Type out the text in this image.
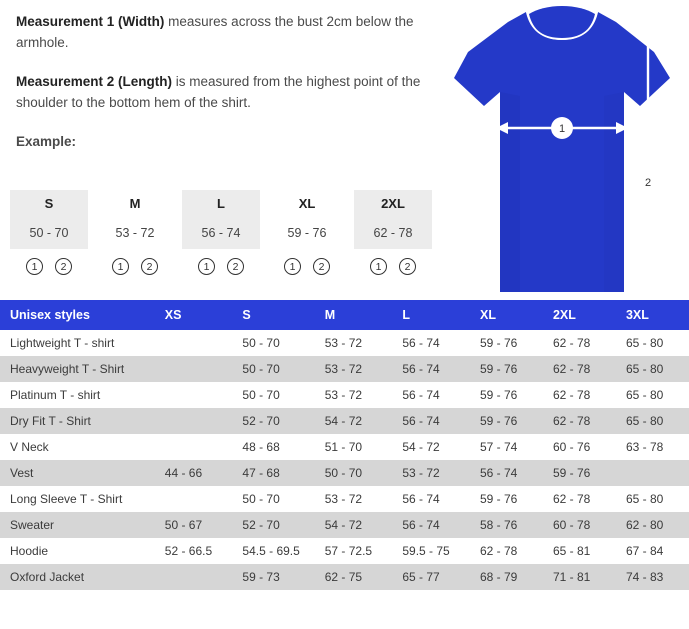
Measurement 1 (Width) measures across the bust 2cm below the armhole.

Measurement 2 (Length) is measured from the highest point of the shoulder to the bottom hem of the shirt.

Example:

S
50 - 70
1	2
M
53 - 72
1	2
L
56 - 74
1	2
XL
59 - 76
1	2
2XL
62 - 78
1	2
1
2
Unisex styles	XS	S	M	L	XL	2XL	3XL
Lightweight T - shirt		50 - 70	53 - 72	56 - 74	59 - 76	62 - 78	65 - 80
Heavyweight T - Shirt		50 - 70	53 - 72	56 - 74	59 - 76	62 - 78	65 - 80
Platinum T - shirt		50 - 70	53 - 72	56 - 74	59 - 76	62 - 78	65 - 80
Dry Fit T - Shirt		52 - 70	54 - 72	56 - 74	59 - 76	62 - 78	65 - 80
V Neck		48 - 68	51 - 70	54 - 72	57 - 74	60 - 76	63 - 78
Vest	44 - 66	47 - 68	50 - 70	53 - 72	56 - 74	59 - 76	
Long Sleeve T - Shirt		50 - 70	53 - 72	56 - 74	59 - 76	62 - 78	65 - 80
Sweater	50 - 67	52 - 70	54 - 72	56 - 74	58 - 76	60 - 78	62 - 80
Hoodie	52 - 66.5	54.5 - 69.5	57 - 72.5	59.5 - 75	62 - 78	65 - 81	67 - 84
Oxford Jacket		59 - 73	62 - 75	65 - 77	68 - 79	71 - 81	74 - 83
